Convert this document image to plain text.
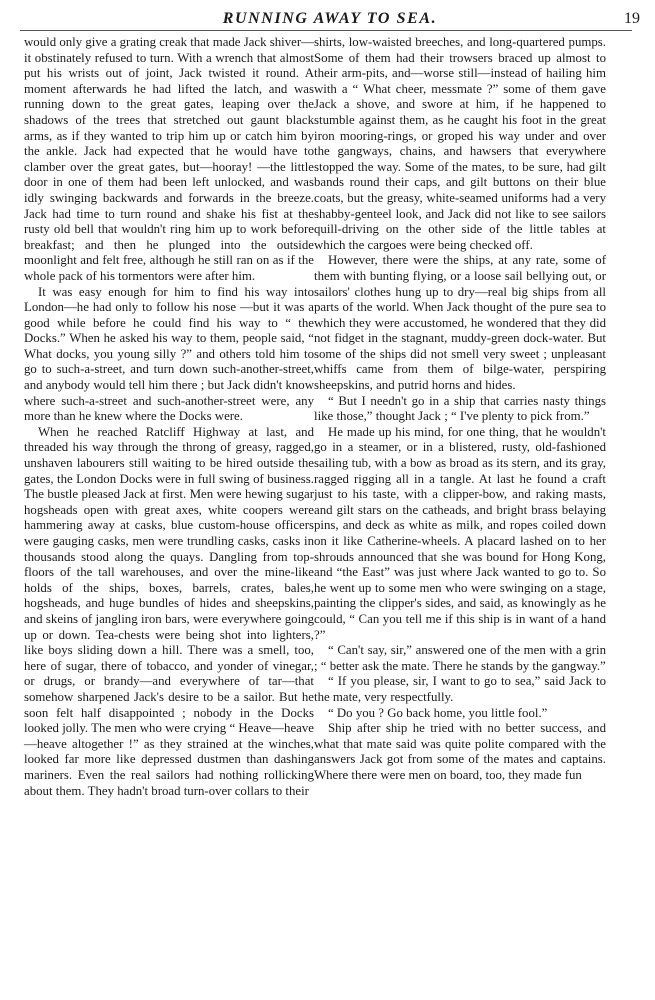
RUNNING AWAY TO SEA.	19

would only give a grating creak that made Jack shiver—it obstinately refused to turn. With a wrench that almost put his wrists out of joint, Jack twisted it round. A moment afterwards he had lifted the latch, and was running down to the great gates, leaping over the shadows of the trees that stretched out gaunt black arms, as if they wanted to trip him up or catch him by the ankle. Jack had expected that he would have to clamber over the great gates, but—hooray! —the little door in one of them had been left unlocked, and was idly swinging backwards and forwards in the breeze. Jack had time to turn round and shake his fist at the rusty old bell that wouldn't ring him up to work before breakfast; and then he plunged into the outside moonlight and felt free, although he still ran on as if the whole pack of his tormentors were after him.

It was easy enough for him to find his way into London—he had only to follow his nose —but it was a good while before he could find his way to “ the Docks.” When he asked his way to them, people said, “ What docks, you young silly ?” and others told him to go to such-a-street, and turn down such-another-street, and anybody would tell him there ; but Jack didn't know where such-a-street and such-another-street were, any more than he knew where the Docks were.

When he reached Ratcliff Highway at last, and threaded his way through the throng of greasy, ragged, unshaven labourers still waiting to be hired outside the gates, the London Docks were in full swing of business. The bustle pleased Jack at first. Men were hewing sugar hogsheads open with great axes, white coopers were hammering away at casks, blue custom-house officers were gauging casks, men were trundling casks, casks in thousands stood along the quays. Dangling from top-floors of the tall warehouses, and over the mine-like holds of the ships, boxes, barrels, crates, bales, hogsheads, and huge bundles of hides and sheepskins, and skeins of jangling iron bars, were everywhere going up or down. Tea-chests were being shot into lighters, like boys sliding down a hill. There was a smell, too, here of sugar, there of tobacco, and yonder of vinegar, or drugs, or brandy—and everywhere of tar—that somehow sharpened Jack's desire to be a sailor. But he soon felt half disappointed ; nobody in the Docks looked jolly. The men who were crying “ Heave—heave—heave altogether !” as they strained at the winches, looked far more like depressed dustmen than dashing mariners. Even the real sailors had nothing rollicking about them. They hadn't broad turn-over collars to their

shirts, low-waisted breeches, and long-quartered pumps. Some of them had their trowsers braced up almost to their arm-pits, and—worse still—instead of hailing him with a “ What cheer, messmate ?” some of them gave Jack a shove, and swore at him, if he happened to stumble against them, as he caught his foot in the great iron mooring-rings, or groped his way under and over the gangways, chains, and hawsers that everywhere stopped the way. Some of the mates, to be sure, had gilt bands round their caps, and gilt buttons on their blue coats, but the greasy, white-seamed uniforms had a very shabby-genteel look, and Jack did not like to see sailors quill-driving on the other side of the little tables at which the cargoes were being checked off.

However, there were the ships, at any rate, some of them with bunting flying, or a loose sail bellying out, or sailors' clothes hung up to dry—real big ships from all parts of the world. When Jack thought of the pure sea to which they were accustomed, he wondered that they did not fidget in the stagnant, muddy-green dock-water. But some of the ships did not smell very sweet ; unpleasant whiffs came from them of bilge-water, perspiring sheepskins, and putrid horns and hides.

“ But I needn't go in a ship that carries nasty things like those,” thought Jack ; “ I've plenty to pick from.”

He made up his mind, for one thing, that he wouldn't go in a steamer, or in a blistered, rusty, old-fashioned sailing tub, with a bow as broad as its stern, and its gray, ragged rigging all in a tangle. At last he found a craft just to his taste, with a clipper-bow, and raking masts, and gilt stars on the catheads, and bright brass belaying pins, and deck as white as milk, and ropes coiled down on it like Catherine-wheels. A placard lashed on to her shrouds announced that she was bound for Hong Kong, and “the East” was just where Jack wanted to go to. So he went up to some men who were swinging on a stage, painting the clipper's sides, and said, as knowingly as he could, “ Can you tell me if this ship is in want of a hand ?”

“ Can't say, sir,” answered one of the men with a grin ; “ better ask the mate. There he stands by the gangway.”

“ If you please, sir, I want to go to sea,” said Jack to the mate, very respectfully.

“ Do you ? Go back home, you little fool.”

Ship after ship he tried with no better success, and what that mate said was quite polite compared with the answers Jack got from some of the mates and captains. Where there were men on board, too, they made fun
